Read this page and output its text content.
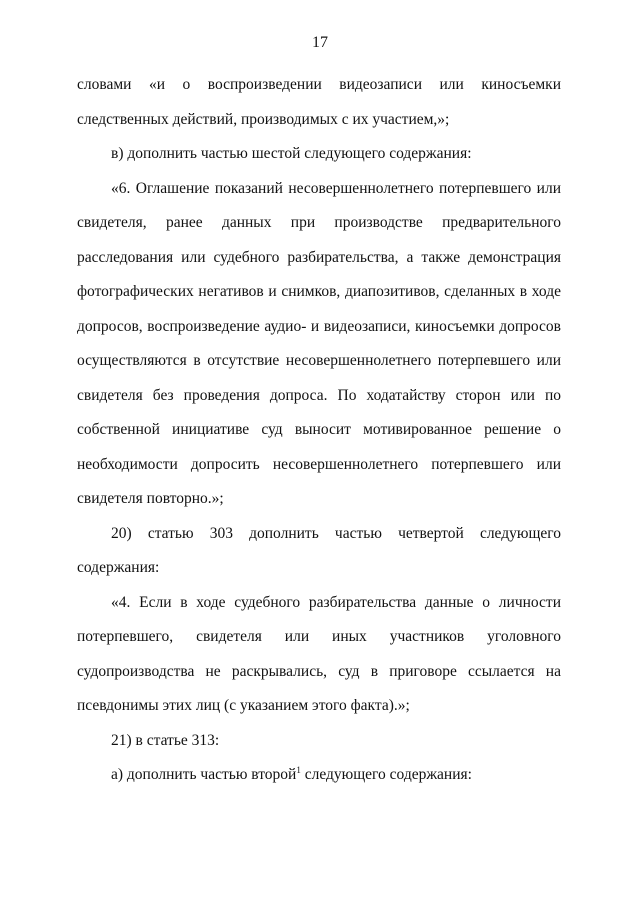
17

словами «и о воспроизведении видеозаписи или киносъемки следственных действий, производимых с их участием,»;

в) дополнить частью шестой следующего содержания:

«6. Оглашение показаний несовершеннолетнего потерпевшего или свидетеля, ранее данных при производстве предварительного расследования или судебного разбирательства, а также демонстрация фотографических негативов и снимков, диапозитивов, сделанных в ходе допросов, воспроизведение аудио- и видеозаписи, киносъемки допросов осуществляются в отсутствие несовершеннолетнего потерпевшего или свидетеля без проведения допроса. По ходатайству сторон или по собственной инициативе суд выносит мотивированное решение о необходимости допросить несовершеннолетнего потерпевшего или свидетеля повторно.»;

20) статью 303 дополнить частью четвертой следующего содержания:

«4. Если в ходе судебного разбирательства данные о личности потерпевшего, свидетеля или иных участников уголовного судопроизводства не раскрывались, суд в приговоре ссылается на псевдонимы этих лиц (с указанием этого факта).»;

21) в статье 313:

а) дополнить частью второй$^1$ следующего содержания:
